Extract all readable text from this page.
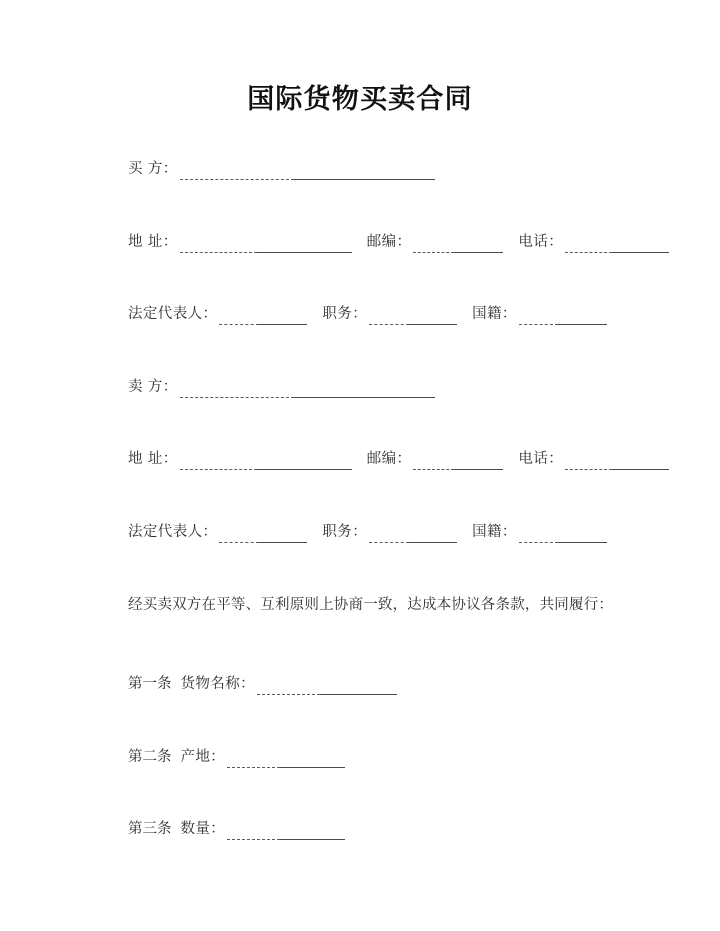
国际货物买卖合同
买 方：
地 址：	邮编：	电话：
法定代表人：	职务：	国籍：
卖 方：
地 址：	邮编：	电话：
法定代表人：	职务：	国籍：
经买卖双方在平等、互利原则上协商一致，达成本协议各条款，共同履行：
第一条 货物名称：
第二条 产地：
第三条 数量：
